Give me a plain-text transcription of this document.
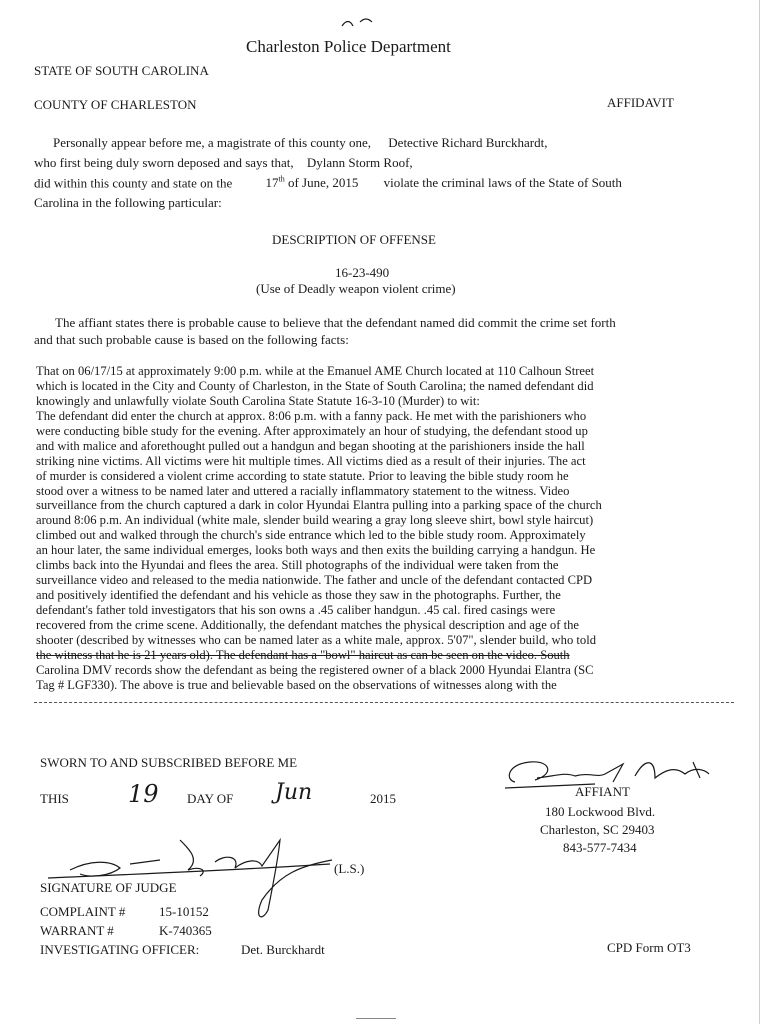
Charleston Police Department
STATE OF SOUTH CAROLINA
COUNTY OF CHARLESTON	AFFIDAVIT
Personally appear before me, a magistrate of this county one, Detective Richard Burckhardt,
who first being duly sworn deposed and says that, Dylann Storm Roof,
did within this county and state on the	17th of June, 2015 violate the criminal laws of the State of South
Carolina in the following particular:
DESCRIPTION OF OFFENSE
16-23-490
(Use of Deadly weapon violent crime)
The affiant states there is probable cause to believe that the defendant named did commit the crime set forth
and that such probable cause is based on the following facts:
That on 06/17/15 at approximately 9:00 p.m. while at the Emanuel AME Church located at 110 Calhoun Street
which is located in the City and County of Charleston, in the State of South Carolina; the named defendant did
knowingly and unlawfully violate South Carolina State Statute 16-3-10 (Murder) to wit:
The defendant did enter the church at approx. 8:06 p.m. with a fanny pack. He met with the parishioners who
were conducting bible study for the evening. After approximately an hour of studying, the defendant stood up
and with malice and aforethought pulled out a handgun and began shooting at the parishioners inside the hall
striking nine victims. All victims were hit multiple times. All victims died as a result of their injuries. The act
of murder is considered a violent crime according to state statute. Prior to leaving the bible study room he
stood over a witness to be named later and uttered a racially inflammatory statement to the witness. Video
surveillance from the church captured a dark in color Hyundai Elantra pulling into a parking space of the church
around 8:06 p.m. An individual (white male, slender build wearing a gray long sleeve shirt, bowl style haircut)
climbed out and walked through the church's side entrance which led to the bible study room. Approximately
an hour later, the same individual emerges, looks both ways and then exits the building carrying a handgun. He
climbs back into the Hyundai and flees the area. Still photographs of the individual were taken from the
surveillance video and released to the media nationwide. The father and uncle of the defendant contacted CPD
and positively identified the defendant and his vehicle as those they saw in the photographs. Further, the
defendant's father told investigators that his son owns a .45 caliber handgun. .45 cal. fired casings were
recovered from the crime scene. Additionally, the defendant matches the physical description and age of the
shooter (described by witnesses who can be named later as a white male, approx. 5'07", slender build, who told
the witness that he is 21 years old). The defendant has a "bowl" haircut as can be seen on the video. South
Carolina DMV records show the defendant as being the registered owner of a black 2000 Hyundai Elantra (SC
Tag # LGF330). The above is true and believable based on the observations of witnesses along with the
SWORN TO AND SUBSCRIBED BEFORE ME
THIS 19 DAY OF Jun	2015	AFFIANT
180 Lockwood Blvd.
Charleston, SC 29403
843-577-7434
(L.S.)
SIGNATURE OF JUDGE
COMPLAINT #	15-10152
WARRANT #	K-740365
INVESTIGATING OFFICER:	Det. Burckhardt	CPD Form OT3
